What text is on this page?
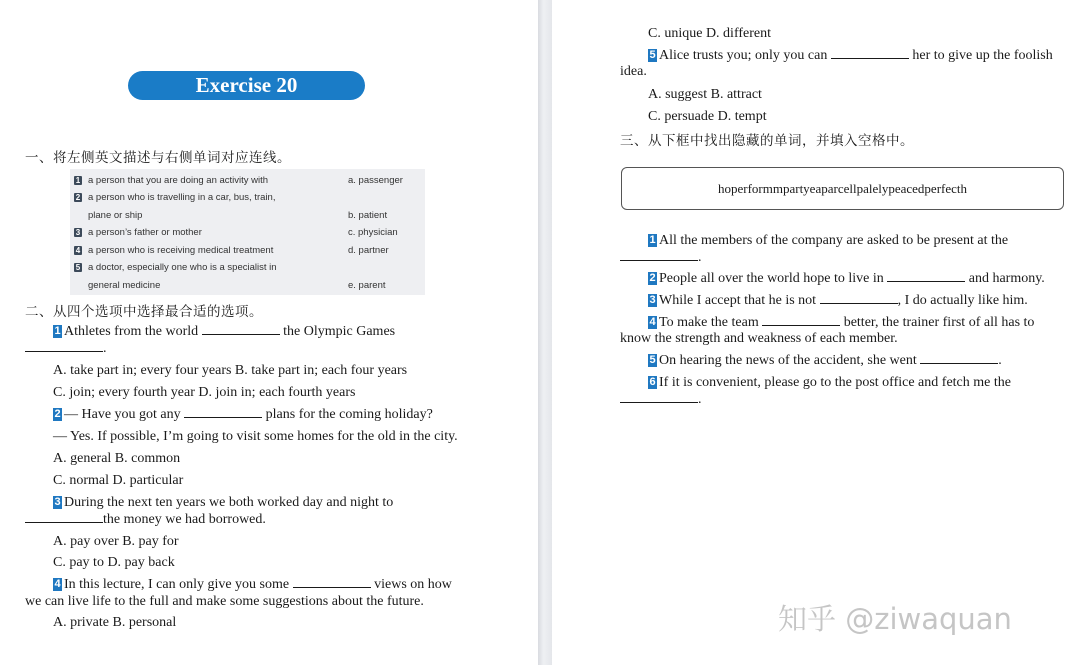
Exercise 20
一、将左侧英文描述与右侧单词对应连线。
1 a person that you are doing an activity with	a. passenger
2 a person who is travelling in a car, bus, train,
plane or ship	b. patient
3 a person’s father or mother	c. physician
4 a person who is receiving medical treatment	d. partner
5 a doctor, especially one who is a specialist in
general medicine	e. parent
二、从四个选项中选择最合适的选项。
1 Athletes from the world	the Olympic Games
.
A. take part in; every four years B. take part in; each four years
C. join; every fourth year D. join in; each fourth years
2 — Have you got any	plans for the coming holiday?
— Yes. If possible, I’m going to visit some homes for the old in the city.
A. general B. common
C. normal D. particular
3 During the next ten years we both worked day and night to
the money we had borrowed.
A. pay over B. pay for
C. pay to D. pay back
4 In this lecture, I can only give you some	views on how
we can live life to the full and make some suggestions about the future.
A. private B. personal
C. unique D. different
5 Alice trusts you; only you can	her to give up the foolish
idea.
A. suggest B. attract
C. persuade D. tempt
三、从下框中找出隐藏的单词，并填入空格中。
hoperformmpartyeaparcellpalelypeacedperfecth
1 All the members of the company are asked to be present at the
.
2 People all over the world hope to live in	and harmony.
3 While I accept that he is not	, I do actually like him.
4 To make the team	better, the trainer first of all has to
know the strength and weakness of each member.
5 On hearing the news of the accident, she went	.
6 If it is convenient, please go to the post office and fetch me the
.
知乎 @ziwaquan
